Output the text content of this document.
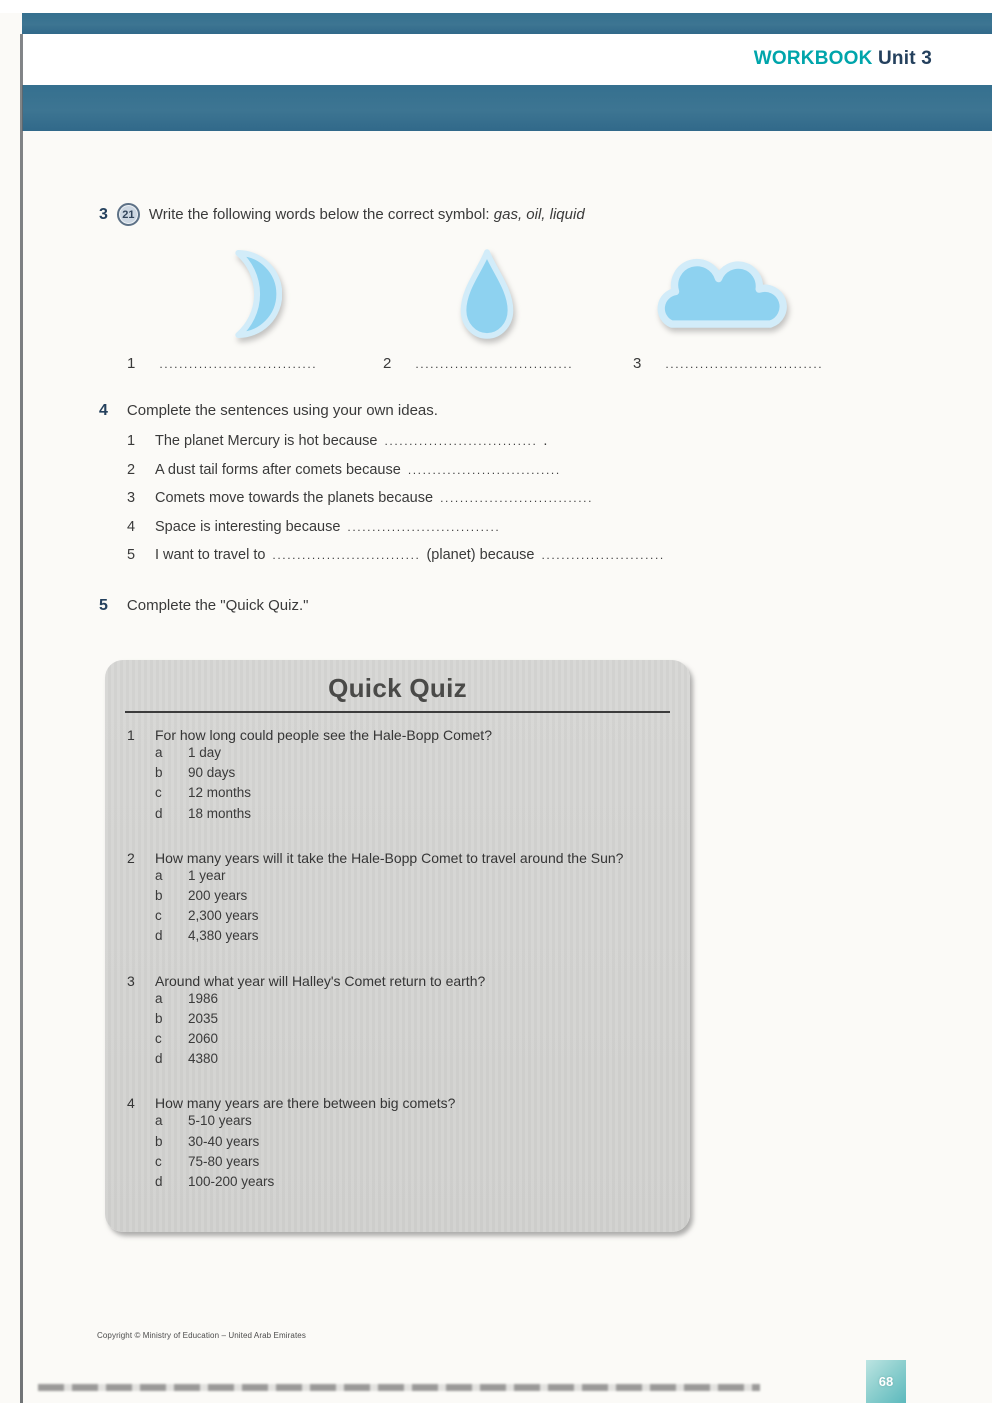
WORKBOOK Unit 3
3	21 Write the following words below the correct symbol: gas, oil, liquid
1 ................................	2 ................................	3 ................................
4 Complete the sentences using your own ideas.
1	The planet Mercury is hot because ............................... .
2	A dust tail forms after comets because ...............................
3	Comets move towards the planets because ...............................
4	Space is interesting because ...............................
5	I want to travel to .............................. (planet) because .........................
5 Complete the "Quick Quiz."
Quick Quiz
1	For how long could people see the Hale-Bopp Comet?
a	1 day
b	90 days
c	12 months
d	18 months
2	How many years will it take the Hale-Bopp Comet to travel around the Sun?
a	1 year
b	200 years
c	2,300 years
d	4,380 years
3	Around what year will Halley's Comet return to earth?
a	1986
b	2035
c	2060
d	4380
4	How many years are there between big comets?
a	5-10 years
b	30-40 years
c	75-80 years
d	100-200 years
Copyright © Ministry of Education – United Arab Emirates
68
